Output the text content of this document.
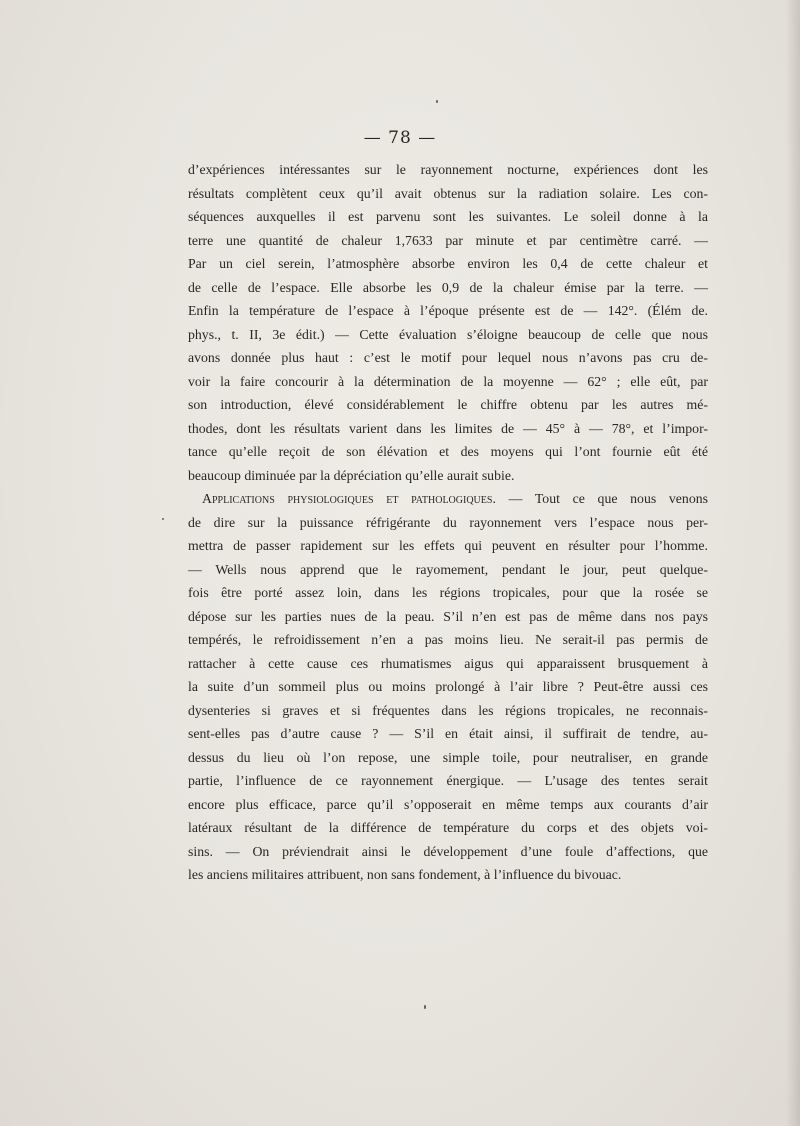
— 78 —
d’expériences intéressantes sur le rayonnement nocturne, expériences dont les
résultats complètent ceux qu’il avait obtenus sur la radiation solaire. Les con-
séquences auxquelles il est parvenu sont les suivantes. Le soleil donne à la
terre une quantité de chaleur 1,7633 par minute et par centimètre carré. —
Par un ciel serein, l’atmosphère absorbe environ les 0,4 de cette chaleur et
de celle de l’espace. Elle absorbe les 0,9 de la chaleur émise par la terre. —
Enfin la température de l’espace à l’époque présente est de — 142°. (Élém de.
phys., t. II, 3e édit.) — Cette évaluation s’éloigne beaucoup de celle que nous
avons donnée plus haut : c’est le motif pour lequel nous n’avons pas cru de-
voir la faire concourir à la détermination de la moyenne — 62° ; elle eût, par
son introduction, élevé considérablement le chiffre obtenu par les autres mé-
thodes, dont les résultats varient dans les limites de — 45° à — 78°, et l’impor-
tance qu’elle reçoit de son élévation et des moyens qui l’ont fournie eût été
beaucoup diminuée par la dépréciation qu’elle aurait subie.
Applications physiologiques et pathologiques. — Tout ce que nous venons
de dire sur la puissance réfrigérante du rayonnement vers l’espace nous per-
mettra de passer rapidement sur les effets qui peuvent en résulter pour l’homme.
— Wells nous apprend que le rayomement, pendant le jour, peut quelque-
fois être porté assez loin, dans les régions tropicales, pour que la rosée se
dépose sur les parties nues de la peau. S’il n’en est pas de même dans nos pays
tempérés, le refroidissement n’en a pas moins lieu. Ne serait-il pas permis de
rattacher à cette cause ces rhumatismes aigus qui apparaissent brusquement à
la suite d’un sommeil plus ou moins prolongé à l’air libre ? Peut-être aussi ces
dysenteries si graves et si fréquentes dans les régions tropicales, ne reconnais-
sent-elles pas d’autre cause ? — S’il en était ainsi, il suffirait de tendre, au-
dessus du lieu où l’on repose, une simple toile, pour neutraliser, en grande
partie, l’influence de ce rayonnement énergique. — L’usage des tentes serait
encore plus efficace, parce qu’il s’opposerait en même temps aux courants d’air
latéraux résultant de la différence de température du corps et des objets voi-
sins. — On préviendrait ainsi le développement d’une foule d’affections, que
les anciens militaires attribuent, non sans fondement, à l’influence du bivouac.
